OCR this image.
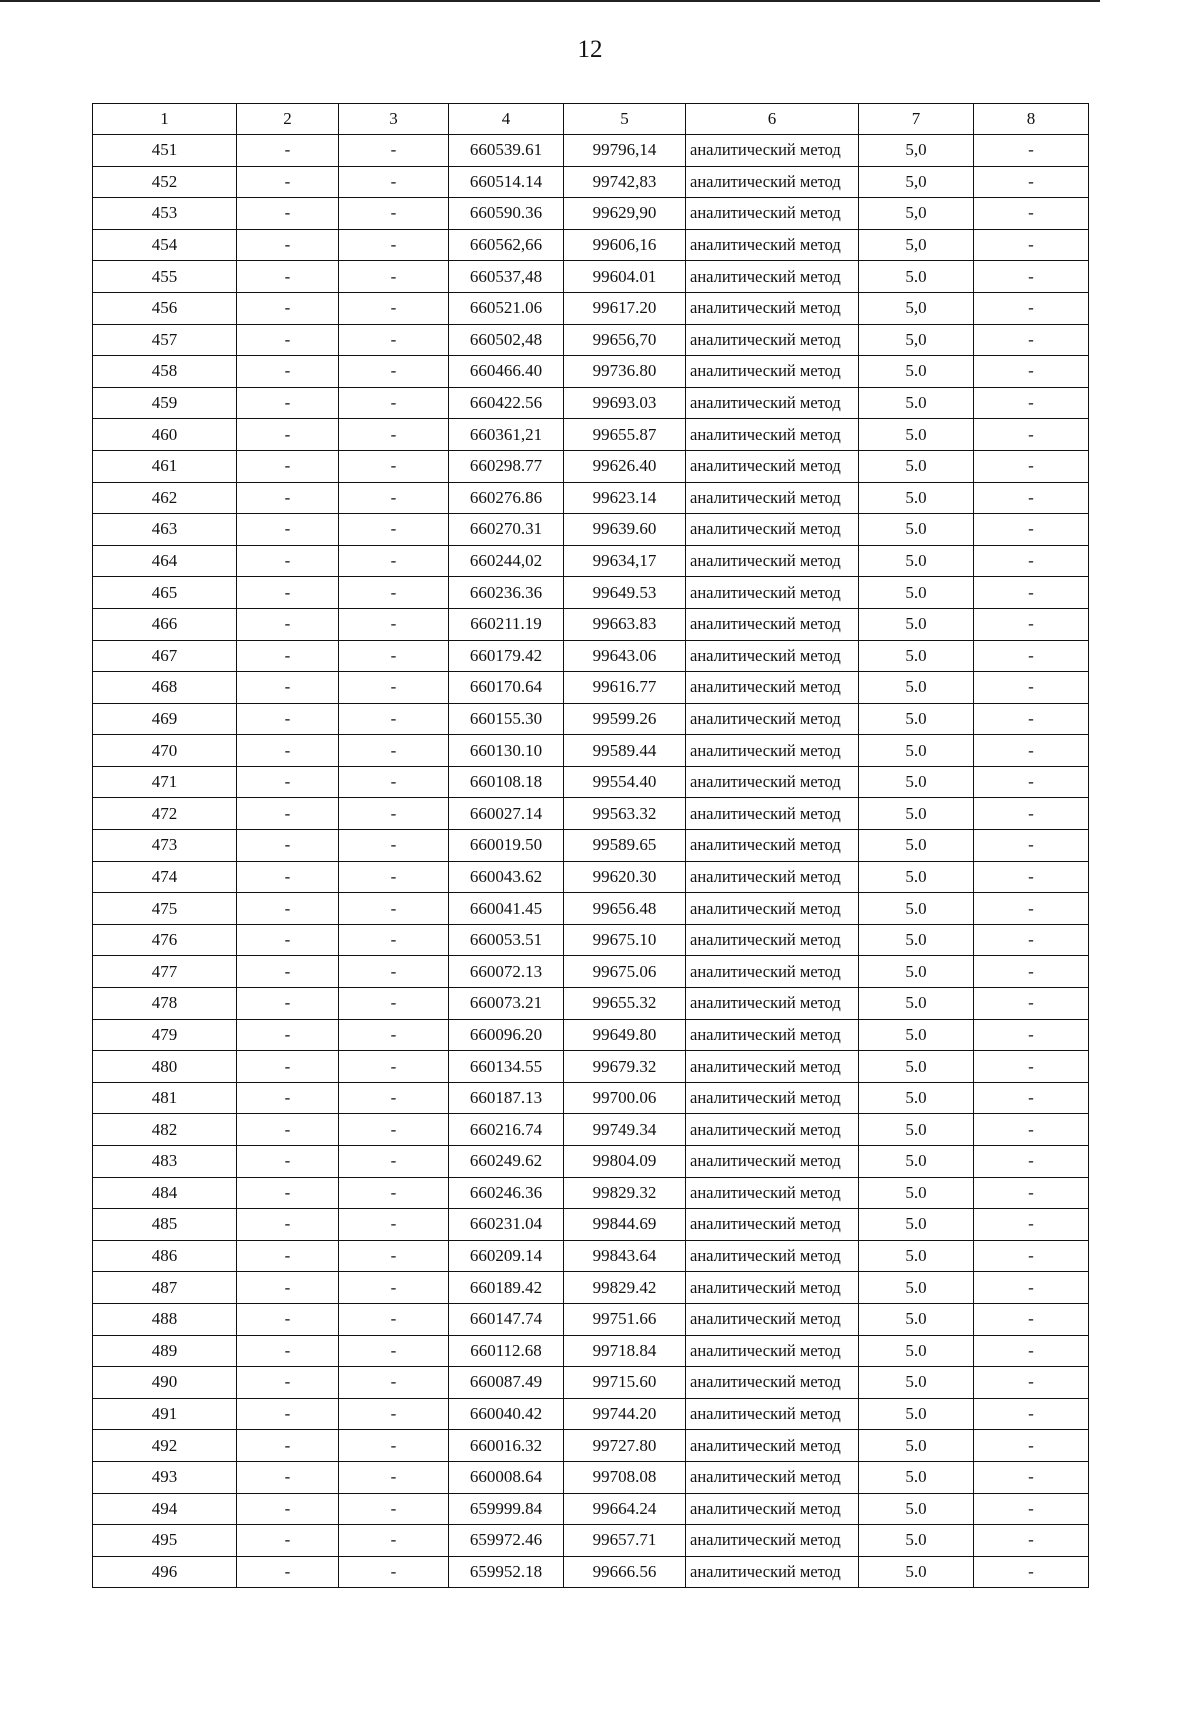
12
1	2	3	4	5	6	7	8
451	-	-	660539.61	99796,14	аналитический метод	5,0	-
452	-	-	660514.14	99742,83	аналитический метод	5,0	-
453	-	-	660590.36	99629,90	аналитический метод	5,0	-
454	-	-	660562,66	99606,16	аналитический метод	5,0	-
455	-	-	660537,48	99604.01	аналитический метод	5.0	-
456	-	-	660521.06	99617.20	аналитический метод	5,0	-
457	-	-	660502,48	99656,70	аналитический метод	5,0	-
458	-	-	660466.40	99736.80	аналитический метод	5.0	-
459	-	-	660422.56	99693.03	аналитический метод	5.0	-
460	-	-	660361,21	99655.87	аналитический метод	5.0	-
461	-	-	660298.77	99626.40	аналитический метод	5.0	-
462	-	-	660276.86	99623.14	аналитический метод	5.0	-
463	-	-	660270.31	99639.60	аналитический метод	5.0	-
464	-	-	660244,02	99634,17	аналитический метод	5.0	-
465	-	-	660236.36	99649.53	аналитический метод	5.0	-
466	-	-	660211.19	99663.83	аналитический метод	5.0	-
467	-	-	660179.42	99643.06	аналитический метод	5.0	-
468	-	-	660170.64	99616.77	аналитический метод	5.0	-
469	-	-	660155.30	99599.26	аналитический метод	5.0	-
470	-	-	660130.10	99589.44	аналитический метод	5.0	-
471	-	-	660108.18	99554.40	аналитический метод	5.0	-
472	-	-	660027.14	99563.32	аналитический метод	5.0	-
473	-	-	660019.50	99589.65	аналитический метод	5.0	-
474	-	-	660043.62	99620.30	аналитический метод	5.0	-
475	-	-	660041.45	99656.48	аналитический метод	5.0	-
476	-	-	660053.51	99675.10	аналитический метод	5.0	-
477	-	-	660072.13	99675.06	аналитический метод	5.0	-
478	-	-	660073.21	99655.32	аналитический метод	5.0	-
479	-	-	660096.20	99649.80	аналитический метод	5.0	-
480	-	-	660134.55	99679.32	аналитический метод	5.0	-
481	-	-	660187.13	99700.06	аналитический метод	5.0	-
482	-	-	660216.74	99749.34	аналитический метод	5.0	-
483	-	-	660249.62	99804.09	аналитический метод	5.0	-
484	-	-	660246.36	99829.32	аналитический метод	5.0	-
485	-	-	660231.04	99844.69	аналитический метод	5.0	-
486	-	-	660209.14	99843.64	аналитический метод	5.0	-
487	-	-	660189.42	99829.42	аналитический метод	5.0	-
488	-	-	660147.74	99751.66	аналитический метод	5.0	-
489	-	-	660112.68	99718.84	аналитический метод	5.0	-
490	-	-	660087.49	99715.60	аналитический метод	5.0	-
491	-	-	660040.42	99744.20	аналитический метод	5.0	-
492	-	-	660016.32	99727.80	аналитический метод	5.0	-
493	-	-	660008.64	99708.08	аналитический метод	5.0	-
494	-	-	659999.84	99664.24	аналитический метод	5.0	-
495	-	-	659972.46	99657.71	аналитический метод	5.0	-
496	-	-	659952.18	99666.56	аналитический метод	5.0	-
